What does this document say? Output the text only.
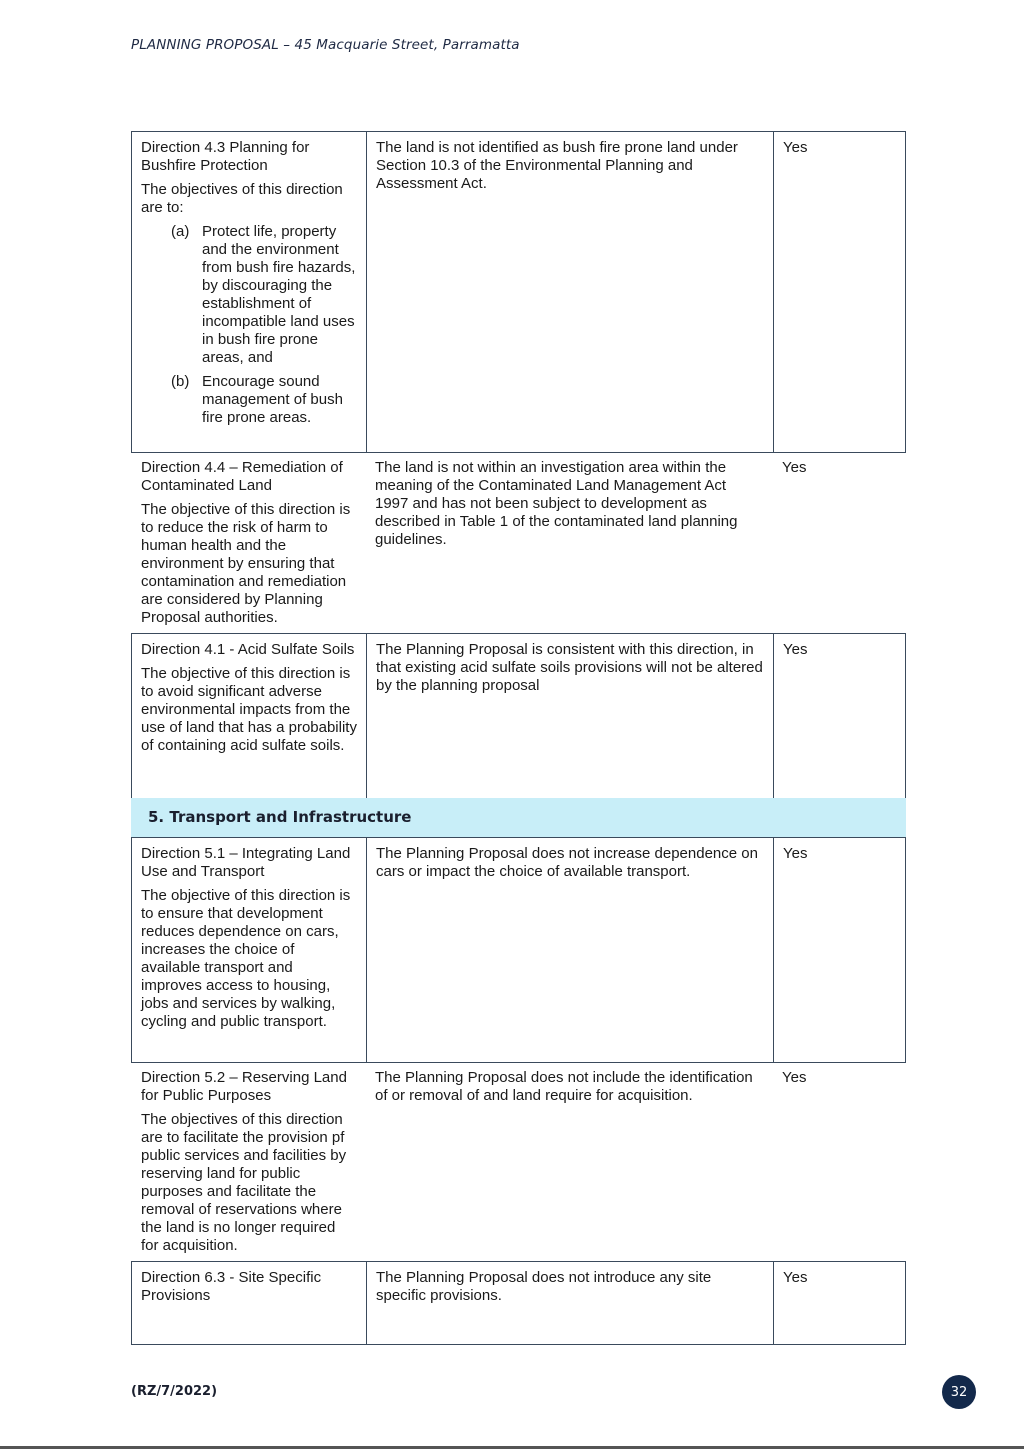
PLANNING PROPOSAL – 45 Macquarie Street, Parramatta

Direction 4.3 Planning for Bushfire Protection

The objectives of this direction are to:

(a) Protect life, property and the environment from bush fire hazards, by discouraging the establishment of incompatible land uses in bush fire prone areas, and
(b) Encourage sound management of bush fire prone areas.
The land is not identified as bush fire prone land under Section 10.3 of the Environmental Planning and Assessment Act.
Yes

Direction 4.4 – Remediation of Contaminated Land

The objective of this direction is to reduce the risk of harm to human health and the environment by ensuring that contamination and remediation are considered by Planning Proposal authorities.

The land is not within an investigation area within the meaning of the Contaminated Land Management Act 1997 and has not been subject to development as described in Table 1 of the contaminated land planning guidelines.
Yes

Direction 4.1 - Acid Sulfate Soils

The objective of this direction is to avoid significant adverse environmental impacts from the use of land that has a probability of containing acid sulfate soils.

The Planning Proposal is consistent with this direction, in that existing acid sulfate soils provisions will not be altered by the planning proposal
Yes
5. Transport and Infrastructure

Direction 5.1 – Integrating Land Use and Transport

The objective of this direction is to ensure that development reduces dependence on cars, increases the choice of available transport and improves access to housing, jobs and services by walking, cycling and public transport.

The Planning Proposal does not increase dependence on cars or impact the choice of available transport.
Yes

Direction 5.2 – Reserving Land for Public Purposes

The objectives of this direction are to facilitate the provision pf public services and facilities by reserving land for public purposes and facilitate the removal of reservations where the land is no longer required for acquisition.

The Planning Proposal does not include the identification of or removal of and land require for acquisition.
Yes

Direction 6.3 - Site Specific Provisions

The Planning Proposal does not introduce any site specific provisions.
Yes
(RZ/7/2022)	32
